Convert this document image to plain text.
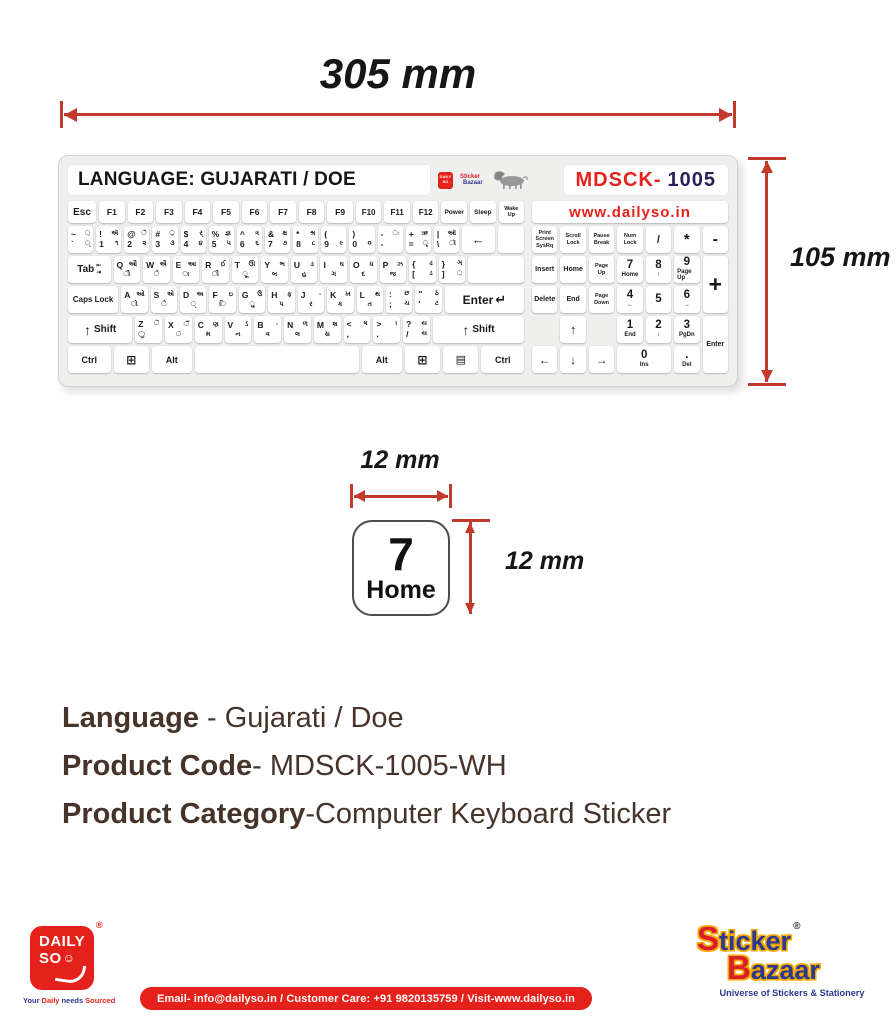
305 mm
LANGUAGE: GUJARATI / DOE	DAILY
SO
Sticker
Bazaar	MDSCK- 1005
Esc	F1	F2	F3	F4	F5	F6	F7	F8	F9	F10	F11	F12	Power	Sleep	Wake
Up
~ ઼
` ્
! ઍ
1 ૧
@ ૅ
2 ૨
# ્ર
3 ૩
$ ર્
4 ૪
% જ્ઞ
5 ૫
^ ત્ર
6 ૬
& ક્ષ
7 ૭
* શ્ર
8 ૮
(
9 ૯
)
0 ૦
- ઃ
-
+ ઋ
= ૃ
| ઑ
\ ૉ	←
Tab ⇤
⇥
Q ઔ
ૌ
W ઐ
ૈ
E આ
ા
R ઈ
ી
T ઊ
ૂ
Y ભ
બ
U ઙ
હ
I ઘ
ગ
O ધ
દ
P ઝ
જ
{ ઢ
[ ડ
} ઞ
] ઼
Caps Lock	A ઓ
ો
S એ
ે
D અ
્
F ઇ
િ
G ઉ
ુ
H ફ
પ
J -
ર
K ખ
ક
L થ
ત
: છ
; ચ
" ઠ
' ટ Enter ↵
↑ Shift
Z ૅ
્ર
X ઁ
ં
C ણ
મ
V ઽ
ન
B -
વ
N ળ
લ
M શ
સ
< ષ
,
> ।
.
? ય
/ ય	↑ Shift
Ctrl	⊞	Alt	Alt	⊞	▤	Ctrl
www.dailyso.in
Print
Screen
SysRq
Scroll
Lock
Pause
Break
Num
Lock	/	*	-
Insert	Home	Page
Up
7
Home
8
↑
9
Page Up	+
Delete	End	Page
Down
4
←
5 6
→
↑	1
End
2
↓
3
PgDn
Enter
←	↓	→	0
Ins
.
Del
105 mm
12 mm
7
Home
12 mm
Language - Gujarati / Doe
Product Code- MDSCK-1005-WH
Product Category-Computer Keyboard Sticker
DAILY
SO ☺
®
Your Daily needs Sourced	Email- info@dailyso.in / Customer Care: +91 9820135759 / Visit-www.dailyso.in
Sticker ®
Bazaar
Universe of Stickers & Stationery
